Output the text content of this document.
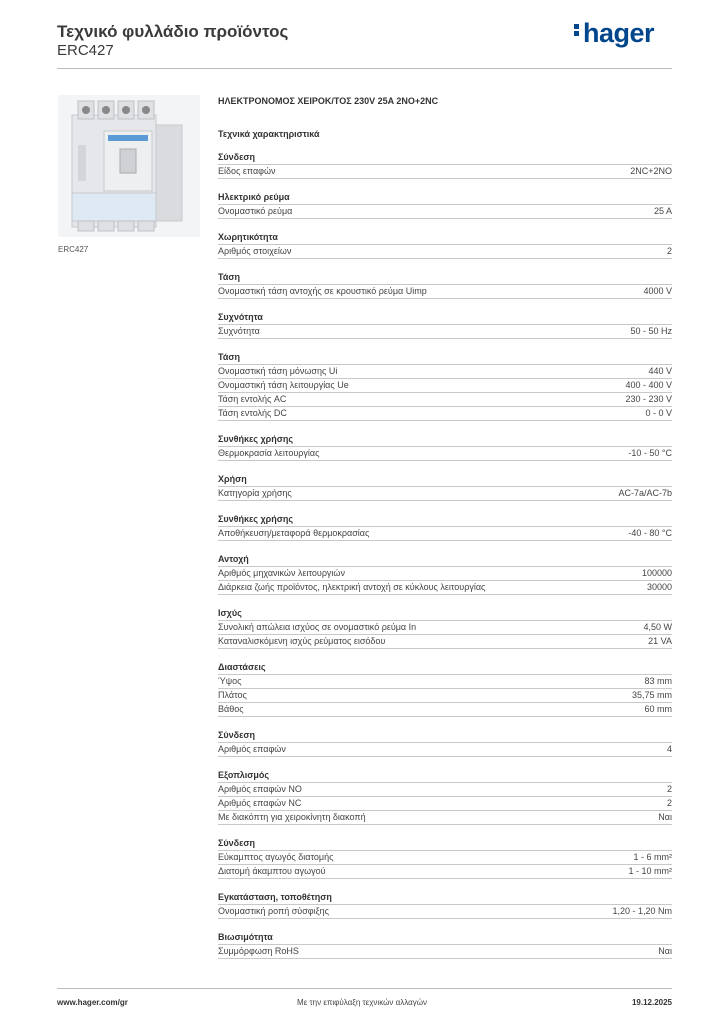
Τεχνικό φυλλάδιο προϊόντος
ERC427
hager
ERC427
ΗΛΕΚΤΡΟΝΟΜΟΣ ΧΕΙΡΟΚ/ΤΟΣ 230V 25A 2NO+2NC
Τεχνικά χαρακτηριστικά
Σύνδεση
Είδος επαφών	2NC+2NO
Ηλεκτρικό ρεύμα
Ονομαστικό ρεύμα	25 A
Χωρητικότητα
Αριθμός στοιχείων	2
Τάση
Ονομαστική τάση αντοχής σε κρουστικό ρεύμα Uimp	4000 V
Συχνότητα
Συχνότητα	50 - 50 Hz
Τάση
Ονομαστική τάση μόνωσης Ui	440 V
Ονομαστική τάση λειτουργίας Ue	400 - 400 V
Τάση εντολής AC	230 - 230 V
Τάση εντολής DC	0 - 0 V
Συνθήκες χρήσης
Θερμοκρασία λειτουργίας	-10 - 50 °C
Χρήση
Κατηγορία χρήσης	AC-7a/AC-7b
Συνθήκες χρήσης
Αποθήκευση/μεταφορά θερμοκρασίας	-40 - 80 °C
Αντοχή
Αριθμός μηχανικών λειτουργιών	100000
Διάρκεια ζωής προϊόντος, ηλεκτρική αντοχή σε κύκλους λειτουργίας	30000
Ισχύς
Συνολική απώλεια ισχύος σε ονομαστικό ρεύμα In	4,50 W
Καταναλισκόμενη ισχύς ρεύματος εισόδου	21 VA
Διαστάσεις
Ύψος	83 mm
Πλάτος	35,75 mm
Βάθος	60 mm
Σύνδεση
Αριθμός επαφών	4
Εξοπλισμός
Αριθμός επαφών NO	2
Αριθμός επαφών NC	2
Με διακόπτη για χειροκίνητη διακοπή	Ναι
Σύνδεση
Εύκαμπτος αγωγός διατομής	1 - 6 mm²
Διατομή άκαμπτου αγωγού	1 - 10 mm²
Εγκατάσταση, τοποθέτηση
Ονομαστική ροπή σύσφιξης	1,20 - 1,20 Nm
Βιωσιμότητα
Συμμόρφωση RoHS	Ναι
Με την επιφύλαξη τεχνικών αλλαγών
www.hager.com/gr	19.12.2025
